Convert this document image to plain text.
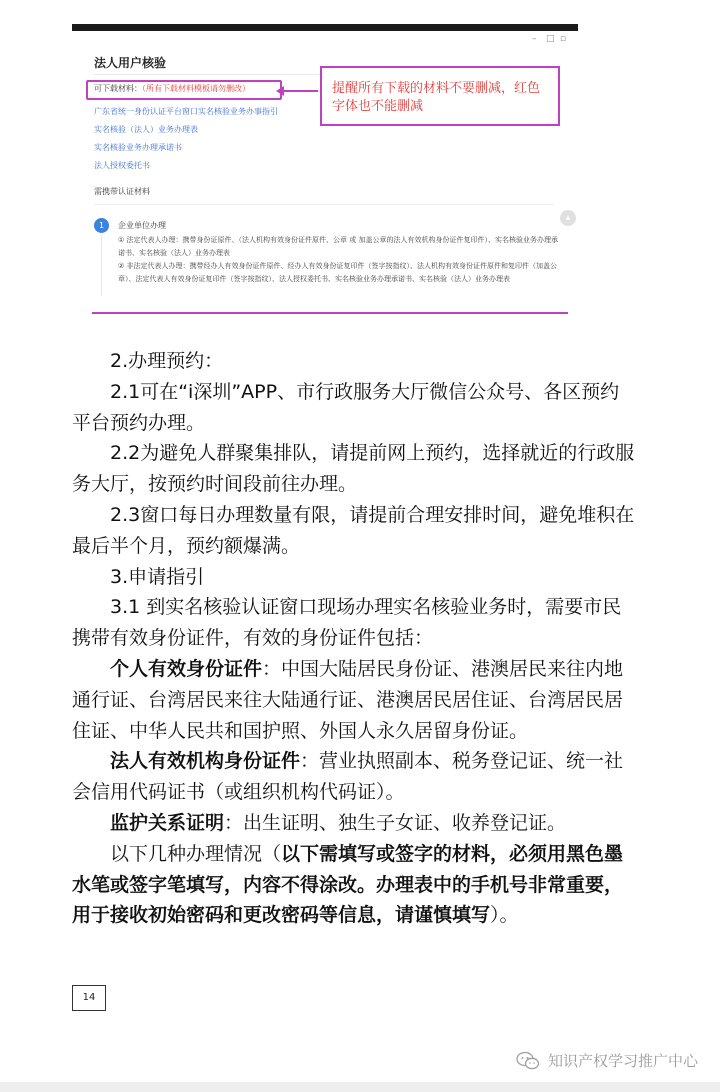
– □ ▫
法人用户核验
可下载材料：（所有下载材料模板请勿删改）	提醒所有下载的材料不要删减，红色字体也不能删减
广东省统一身份认证平台窗口实名核验业务办事指引
实名核验（法人）业务办理表
实名核验业务办理承诺书
法人授权委托书
需携带认证材料
1	企业单位办理
① 法定代表人办理：携带身份证原件、（法人机构有效身份证件原件、公章 或 加盖公章的法人有效机构身份证件复印件）、实名核验业务办理承诺书、实名核验（法人）业务办理表
② 非法定代表人办理：携带经办人有效身份证件原件、经办人有效身份证复印件（签字按指纹）、法人机构有效身份证件原件和复印件（加盖公章）、法定代表人有效身份证复印件（签字按指纹）、法人授权委托书、实名核验业务办理承诺书、实名核验（法人）业务办理表
▴

2.办理预约：

2.1可在“i深圳”APP、市行政服务大厅微信公众号、各区预约平台预约办理。

2.2为避免人群聚集排队，请提前网上预约，选择就近的行政服务大厅，按预约时间段前往办理。

2.3窗口每日办理数量有限，请提前合理安排时间，避免堆积在最后半个月，预约额爆满。

3.申请指引

3.1 到实名核验认证窗口现场办理实名核验业务时，需要市民携带有效身份证件，有效的身份证件包括：

个人有效身份证件：中国大陆居民身份证、港澳居民来往内地通行证、台湾居民来往大陆通行证、港澳居民居住证、台湾居民居住证、中华人民共和国护照、外国人永久居留身份证。

法人有效机构身份证件：营业执照副本、税务登记证、统一社会信用代码证书（或组织机构代码证）。

监护关系证明：出生证明、独生子女证、收养登记证。

以下几种办理情况（以下需填写或签字的材料，必须用黑色墨水笔或签字笔填写，内容不得涂改。办理表中的手机号非常重要，用于接收初始密码和更改密码等信息，请谨慎填写）。

14
知识产权学习推广中心
